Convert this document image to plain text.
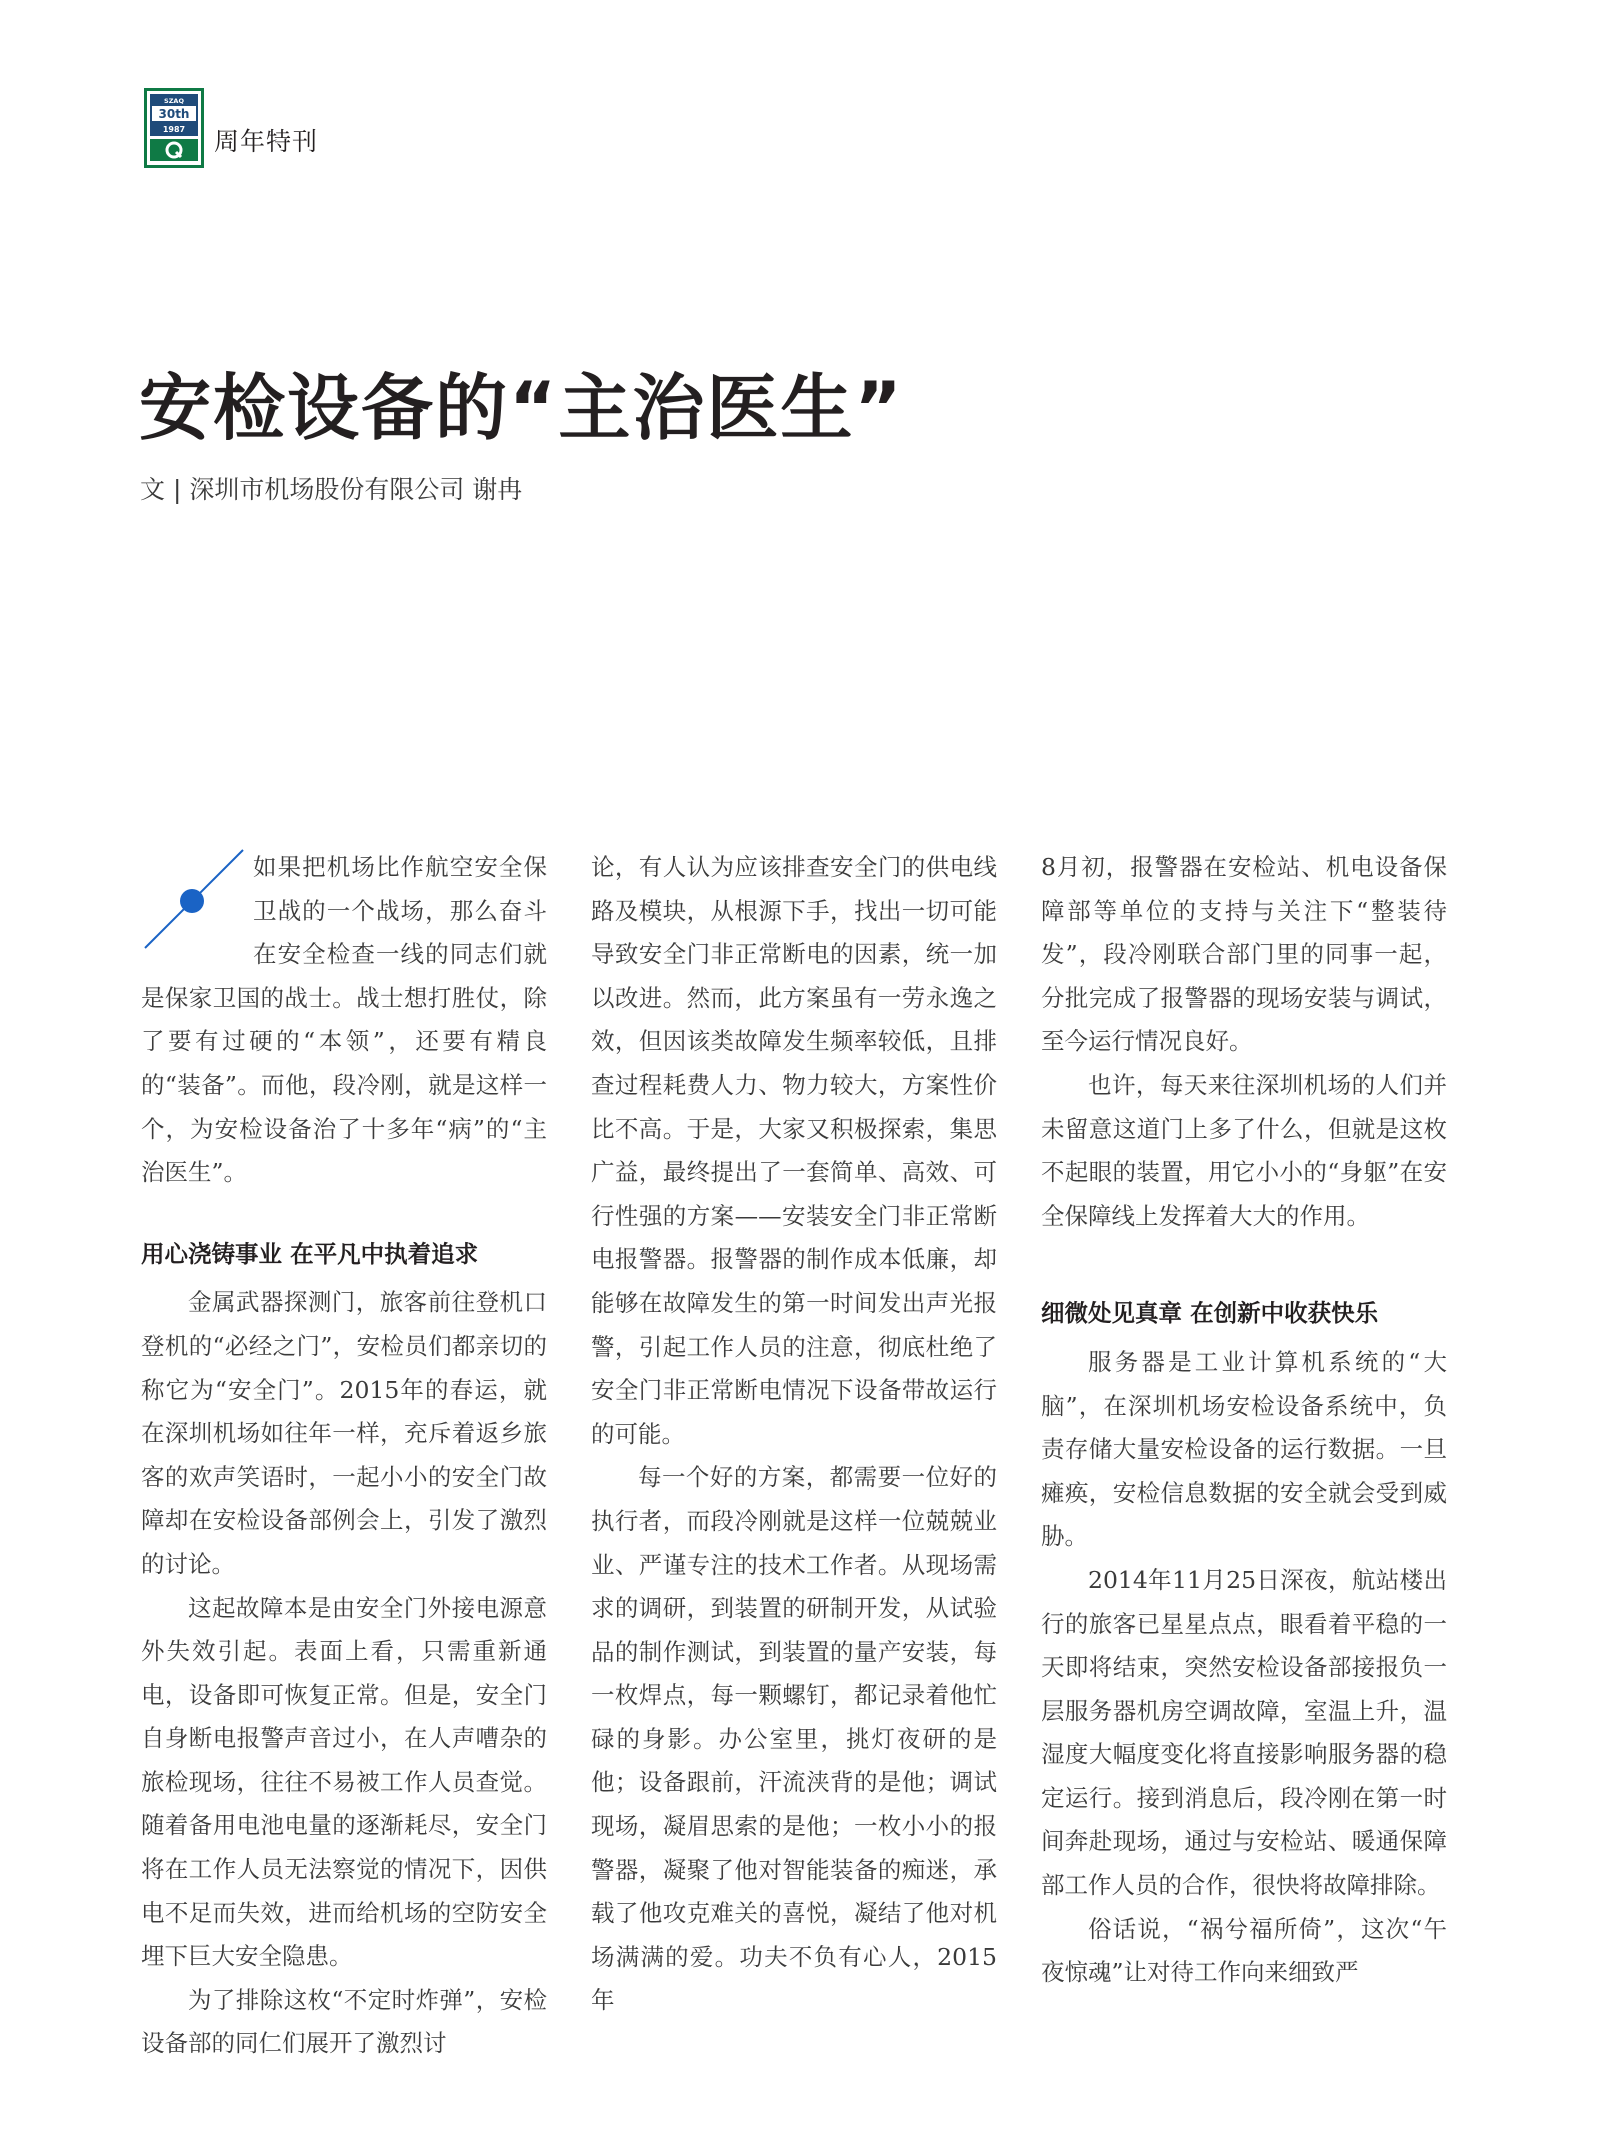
SZAQ
30th
1987 周年特刊
安检设备的“主治医生”
文 | 深圳市机场股份有限公司 谢冉

如果把机场比作航空安全保卫战的一个战场，那么奋斗在安全检查一线的同志们就是保家卫国的战士。战士想打胜仗，除了要有过硬的“本领”，还要有精良的“装备”。而他，段冷刚，就是这样一个，为安检设备治了十多年“病”的“主治医生”。

用心浇铸事业 在平凡中执着追求

金属武器探测门，旅客前往登机口登机的“必经之门”，安检员们都亲切的称它为“安全门”。2015年的春运，就在深圳机场如往年一样，充斥着返乡旅客的欢声笑语时，一起小小的安全门故障却在安检设备部例会上，引发了激烈的讨论。

这起故障本是由安全门外接电源意外失效引起。表面上看，只需重新通电，设备即可恢复正常。但是，安全门自身断电报警声音过小，在人声嘈杂的旅检现场，往往不易被工作人员查觉。随着备用电池电量的逐渐耗尽，安全门将在工作人员无法察觉的情况下，因供电不足而失效，进而给机场的空防安全埋下巨大安全隐患。

为了排除这枚“不定时炸弹”，安检设备部的同仁们展开了激烈讨

论，有人认为应该排查安全门的供电线路及模块，从根源下手，找出一切可能导致安全门非正常断电的因素，统一加以改进。然而，此方案虽有一劳永逸之效，但因该类故障发生频率较低，且排查过程耗费人力、物力较大，方案性价比不高。于是，大家又积极探索，集思广益，最终提出了一套简单、高效、可行性强的方案——安装安全门非正常断电报警器。报警器的制作成本低廉，却能够在故障发生的第一时间发出声光报警，引起工作人员的注意，彻底杜绝了安全门非正常断电情况下设备带故运行的可能。

每一个好的方案，都需要一位好的执行者，而段冷刚就是这样一位兢兢业业、严谨专注的技术工作者。从现场需求的调研，到装置的研制开发，从试验品的制作测试，到装置的量产安装，每一枚焊点，每一颗螺钉，都记录着他忙碌的身影。办公室里，挑灯夜研的是他；设备跟前，汗流浃背的是他；调试现场，凝眉思索的是他；一枚小小的报警器，凝聚了他对智能装备的痴迷，承载了他攻克难关的喜悦，凝结了他对机场满满的爱。功夫不负有心人，2015年

8月初，报警器在安检站、机电设备保障部等单位的支持与关注下“整装待发”，段冷刚联合部门里的同事一起，分批完成了报警器的现场安装与调试，至今运行情况良好。

也许，每天来往深圳机场的人们并未留意这道门上多了什么，但就是这枚不起眼的装置，用它小小的“身躯”在安全保障线上发挥着大大的作用。

细微处见真章 在创新中收获快乐

服务器是工业计算机系统的“大脑”，在深圳机场安检设备系统中，负责存储大量安检设备的运行数据。一旦瘫痪，安检信息数据的安全就会受到威胁。

2014年11月25日深夜，航站楼出行的旅客已星星点点，眼看着平稳的一天即将结束，突然安检设备部接报负一层服务器机房空调故障，室温上升，温湿度大幅度变化将直接影响服务器的稳定运行。接到消息后，段冷刚在第一时间奔赴现场，通过与安检站、暖通保障部工作人员的合作，很快将故障排除。

俗话说，“祸兮福所倚”，这次“午夜惊魂”让对待工作向来细致严
